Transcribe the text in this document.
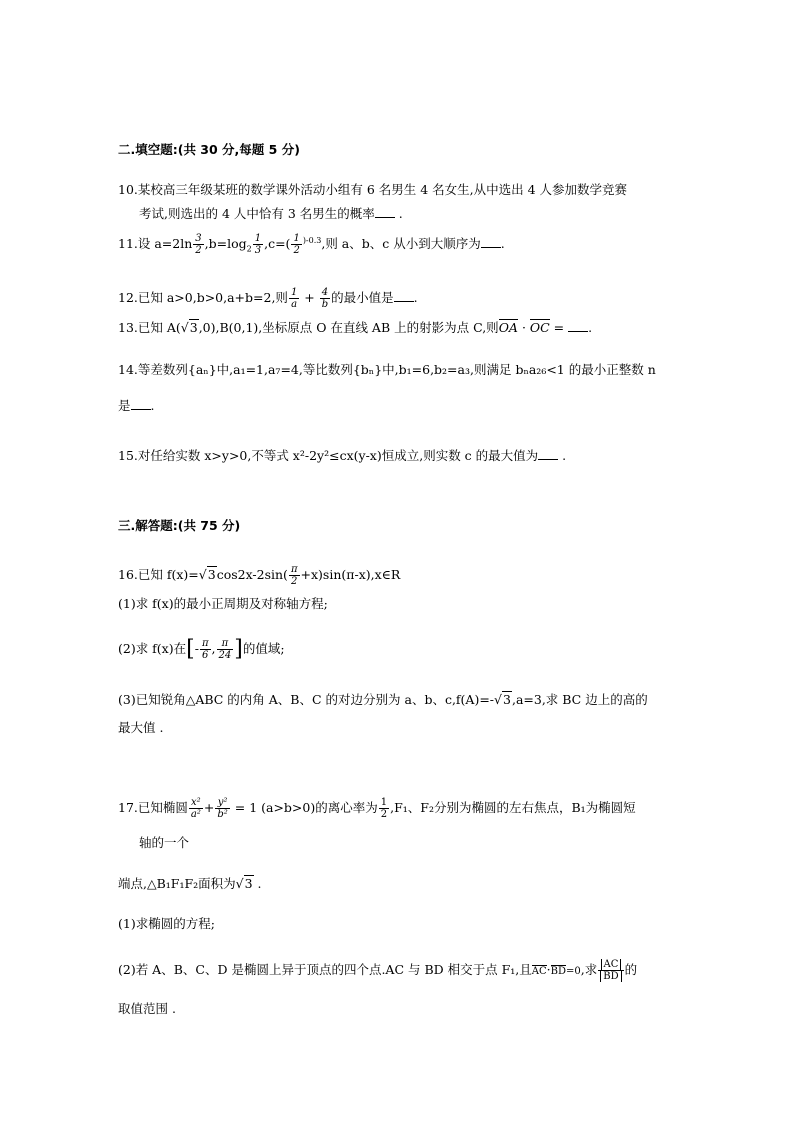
二.填空题:(共 30 分,每题 5 分)
10.某校高三年级某班的数学课外活动小组有 6 名男生 4 名女生,从中选出 4 人参加数学竞赛
考试,则选出的 4 人中恰有 3 名男生的概率 .
11.设 $a=2\ln \frac{3}{2} ,b=\log_2 \frac{1}{3} ,c=( \frac{1}{2} ^{)-0.3}$,则 a、b、c 从小到大顺序为 .
12.已知 a>0,b>0,a+b=2,则 $\frac{1}{a} + \frac{4}{b}$ 的最小值是 .
13.已知 A(√3,0),B(0,1),坐标原点 O 在直线 AB 上的射影为点 C,则OA · OC = .
14.等差数列{aₙ}中,a₁=1,a₇=4,等比数列{bₙ}中,b₁=6,b₂=a₃,则满足 bₙa₂₆<1 的最小正整数 n
是 .
15.对任给实数 x>y>0,不等式 x²-2y²≤cx(y-x)恒成立,则实数 c 的最大值为 .
三.解答题:(共 75 分)
16.已知 $f(x)=√3\cos 2x-2\sin( \frac{\pi}{2}$ +x)sin(π-x),x∈R
(1)求 f(x)的最小正周期及对称轴方程;
(2)求 f(x)在[- $\frac{\pi}{6}$ , $\frac{\pi}{24}$ ]的值域;
(3)已知锐角△ABC 的内角 A、B、C 的对边分别为 a、b、c,f(A)=-√3,a=3,求 BC 边上的高的
最大值 .
17.已知椭圆 $\frac{\text{x²}}{\text{a²}} + \frac{\text{y²}}{\text{b²}} = 1$ (a>b>0)的离心率为 $\frac{1}{2} ,F_1$、F₂分别为椭圆的左右焦点，B₁为椭圆短
轴的一个
端点,△B₁F₁F₂面积为√3 .
(1)求椭圆的方程;
(2)若 A、B、C、D 是椭圆上异于顶点的四个点.AC 与 BD 相交于点 F₁,且AC·BD=0,求 $\frac{AC}{BD}$ 的
取值范围 .
